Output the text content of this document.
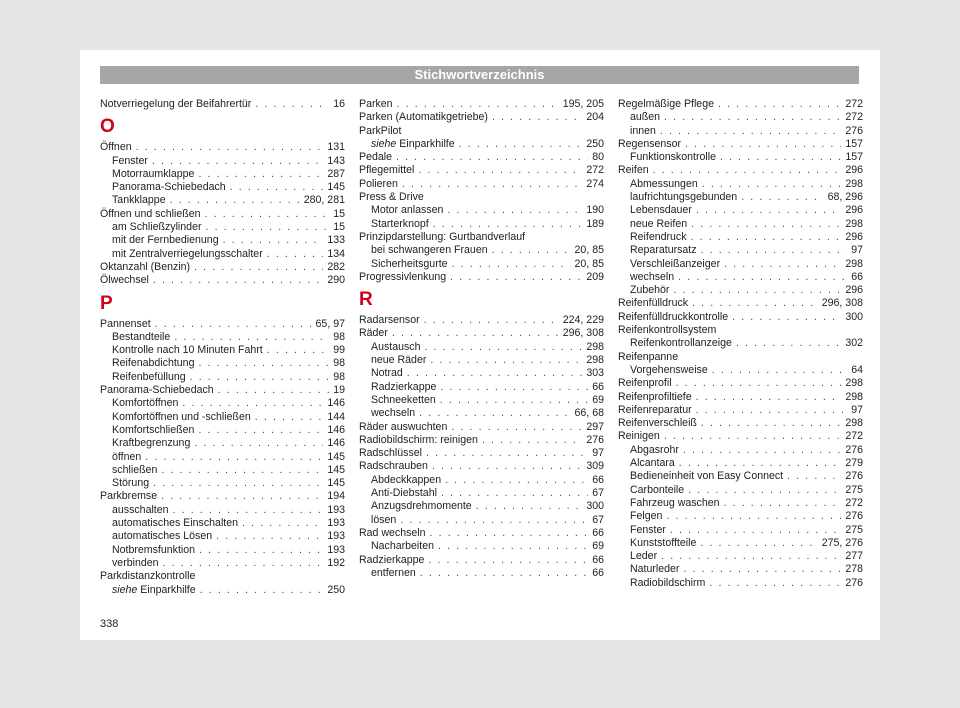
Stichwortverzeichnis
Notverriegelung der Beifahrertür . . .	16
O
Öffnen . . .	131
Fenster . . .	143
Motorraumklappe . . .	287
Panorama-Schiebedach . . .	145
Tankklappe . . .	280, 281
Öffnen und schließen . . .	15
am Schließzylinder . . .	15
mit der Fernbedienung . . .	133
mit Zentralverriegelungsschalter . . .	134
Oktanzahl (Benzin) . . .	282
Ölwechsel . . .	290
P
Pannenset . . .	65, 97
Bestandteile . . .	98
Kontrolle nach 10 Minuten Fahrt . . .	99
Reifenabdichtung . . .	98
Reifenbefüllung . . .	98
Panorama-Schiebedach . . .	19
Komfortöffnen . . .	146
Komfortöffnen und -schließen . . .	144
Komfortschließen . . .	146
Kraftbegrenzung . . .	146
öffnen . . .	145
schließen . . .	145
Störung . . .	145
Parkbremse . . .	194
ausschalten . . .	193
automatisches Einschalten . . .	193
automatisches Lösen . . .	193
Notbremsfunktion . . .	193
verbinden . . .	192
Parkdistanzkontrolle
siehe Einparkhilfe . . .	250
Parken . . .	195, 205
Parken (Automatikgetriebe) . . .	204
ParkPilot
siehe Einparkhilfe . . .	250
Pedale . . .	80
Pflegemittel . . .	272
Polieren . . .	274
Press & Drive
Motor anlassen . . .	190
Starterknopf . . .	189
Prinzipdarstellung: Gurtbandverlauf
bei schwangeren Frauen . . .	20, 85
Sicherheitsgurte . . .	20, 85
Progressivlenkung . . .	209
R
Radarsensor . . .	224, 229
Räder . . .	296, 308
Austausch . . .	298
neue Räder . . .	298
Notrad . . .	303
Radzierkappe . . .	66
Schneeketten . . .	69
wechseln . . .	66, 68
Räder auswuchten . . .	297
Radiobildschirm: reinigen . . .	276
Radschlüssel . . .	97
Radschrauben . . .	309
Abdeckkappen . . .	66
Anti-Diebstahl . . .	67
Anzugsdrehmomente . . .	300
lösen . . .	67
Rad wechseln . . .	66
Nacharbeiten . . .	69
Radzierkappe . . .	66
entfernen . . .	66
Regelmäßige Pflege . . .	272
außen . . .	272
innen . . .	276
Regensensor . . .	157
Funktionskontrolle . . .	157
Reifen . . .	296
Abmessungen . . .	298
laufrichtungsgebunden . . .	68, 296
Lebensdauer . . .	296
neue Reifen . . .	298
Reifendruck . . .	296
Reparatursatz . . .	97
Verschleißanzeiger . . .	298
wechseln . . .	66
Zubehör . . .	296
Reifenfülldruck . . .	296, 308
Reifenfülldruckkontrolle . . .	300
Reifenkontrollsystem
Reifenkontrollanzeige . . .	302
Reifenpanne
Vorgehensweise . . .	64
Reifenprofil . . .	298
Reifenprofiltiefe . . .	298
Reifenreparatur . . .	97
Reifenverschleiß . . .	298
Reinigen . . .	272
Abgasrohr . . .	276
Alcantara . . .	279
Bedieneinheit von Easy Connect . . .	276
Carbonteile . . .	275
Fahrzeug waschen . . .	272
Felgen . . .	276
Fenster . . .	275
Kunststoffteile . . .	275, 276
Leder . . .	277
Naturleder . . .	278
Radiobildschirm . . .	276
338
